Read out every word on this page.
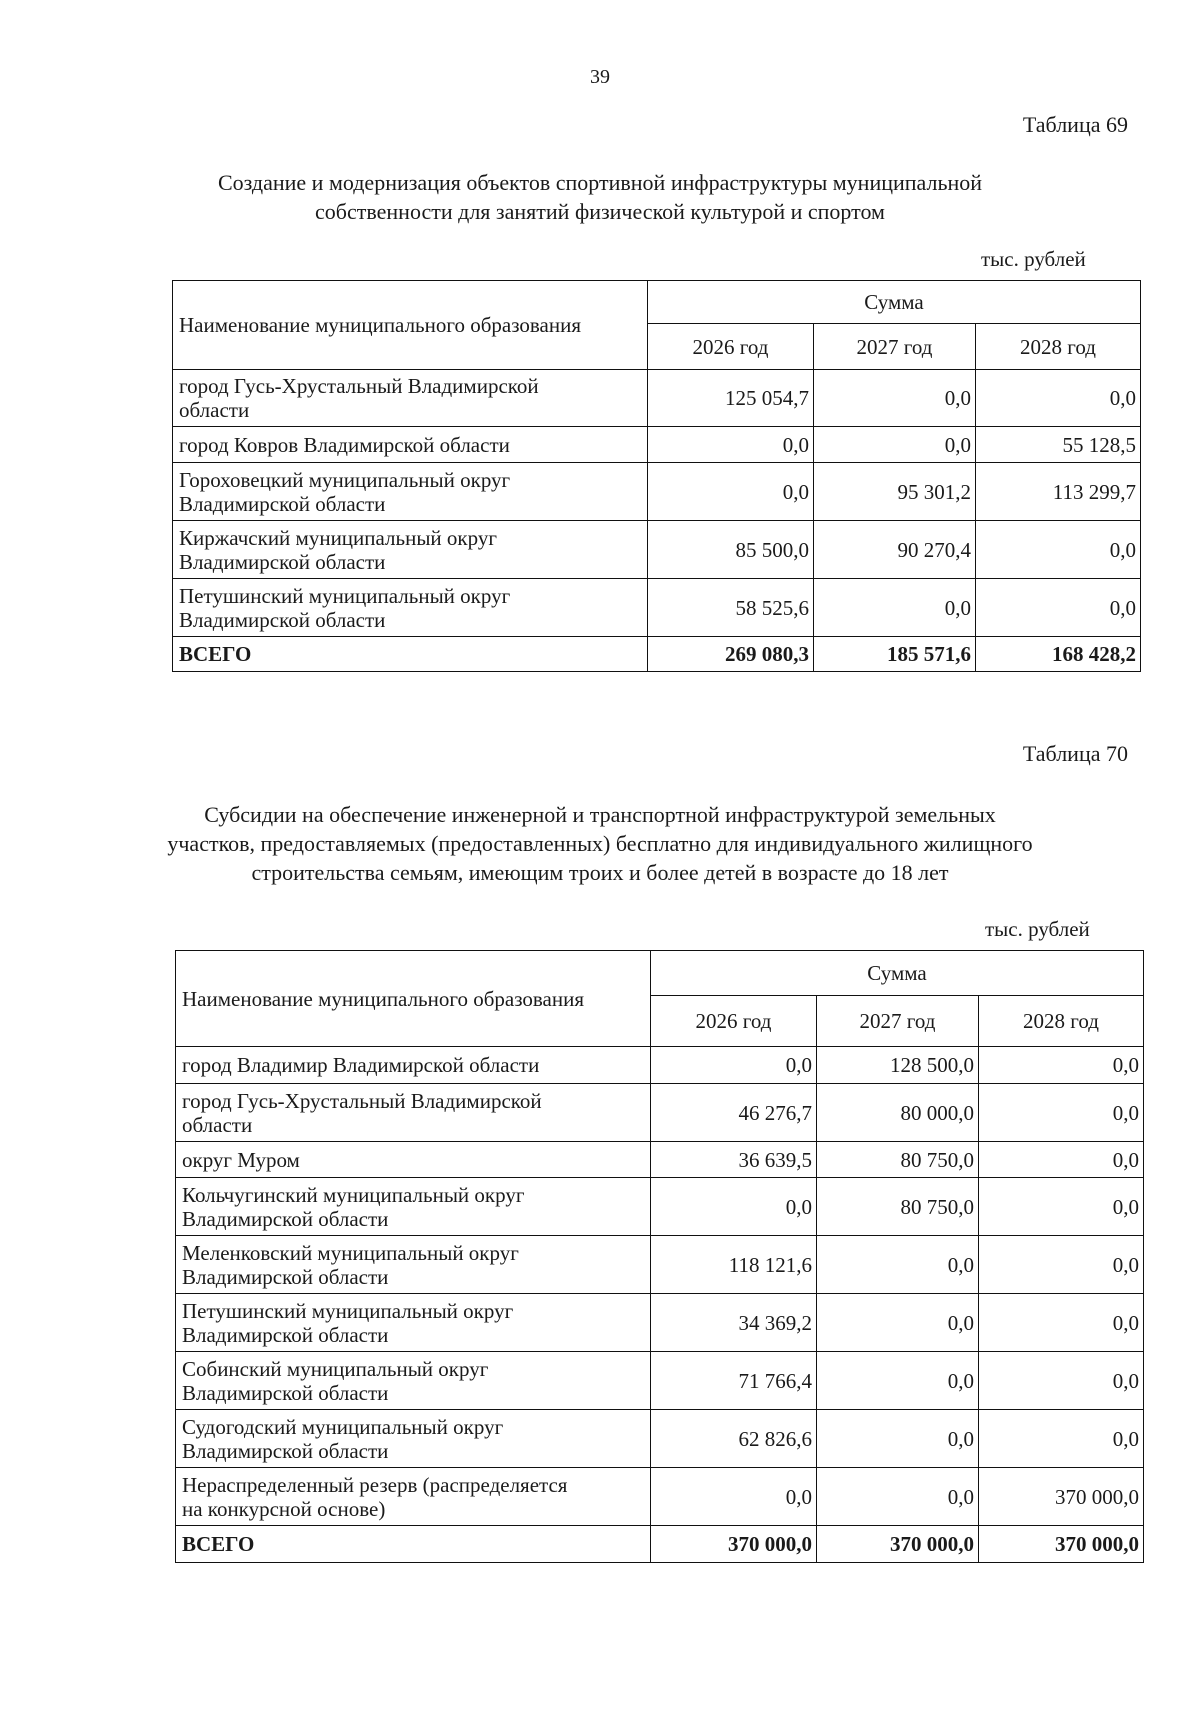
39
Таблица 69
Создание и модернизация объектов спортивной инфраструктуры муниципальной
собственности для занятий физической культурой и спортом
тыс. рублей
Наименование муниципального образования	Сумма		
	2026 год	2027 год	2028 год

город Гусь-Хрустальный Владимирской
области	125 054,7	0,0	0,0

город Ковров Владимирской области	0,0	0,0	55 128,5

Гороховецкий муниципальный округ
Владимирской области	0,0	95 301,2	113 299,7

Киржачский муниципальный округ
Владимирской области	85 500,0	90 270,4	0,0

Петушинский муниципальный округ
Владимирской области	58 525,6	0,0	0,0
ВСЕГО	269 080,3	185 571,6	168 428,2
Таблица 70
Субсидии на обеспечение инженерной и транспортной инфраструктурой земельных
участков, предоставляемых (предоставленных) бесплатно для индивидуального жилищного
строительства семьям, имеющим троих и более детей в возрасте до 18 лет
тыс. рублей
Наименование муниципального образования	Сумма		
	2026 год	2027 год	2028 год

город Владимир Владимирской области	0,0	128 500,0	0,0

город Гусь-Хрустальный Владимирской
области	46 276,7	80 000,0	0,0

округ Муром	36 639,5	80 750,0	0,0

Кольчугинский муниципальный округ
Владимирской области	0,0	80 750,0	0,0

Меленковский муниципальный округ
Владимирской области	118 121,6	0,0	0,0

Петушинский муниципальный округ
Владимирской области	34 369,2	0,0	0,0

Собинский муниципальный округ
Владимирской области	71 766,4	0,0	0,0

Судогодский муниципальный округ
Владимирской области	62 826,6	0,0	0,0

Нераспределенный резерв (распределяется
на конкурсной основе)	0,0	0,0	370 000,0
ВСЕГО	370 000,0	370 000,0	370 000,0
